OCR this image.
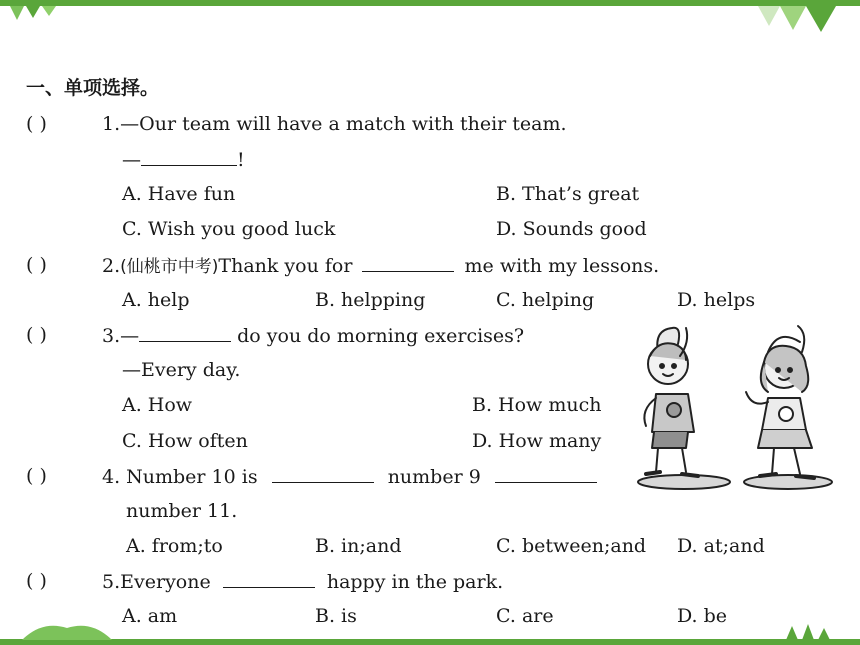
一、单项选择。
( )	1.—Our team will have a match with their team.
—	!
A. Have fun	B. That’s great
C. Wish you good luck	D. Sounds good
( )	2.(仙桃市中考)Thank you for	me with my lessons.
A. help	B. helpping	C. helping	D. helps
( )	3.—	do you do morning exercises?
—Every day.
A. How	B. How much
C. How often	D. How many
( )	4. Number 10 is	number 9
number 11.
A. from;to	B. in;and	C. between;and D. at;and
( )	5.Everyone	happy in the park.
A. am	B. is	C. are	D. be
